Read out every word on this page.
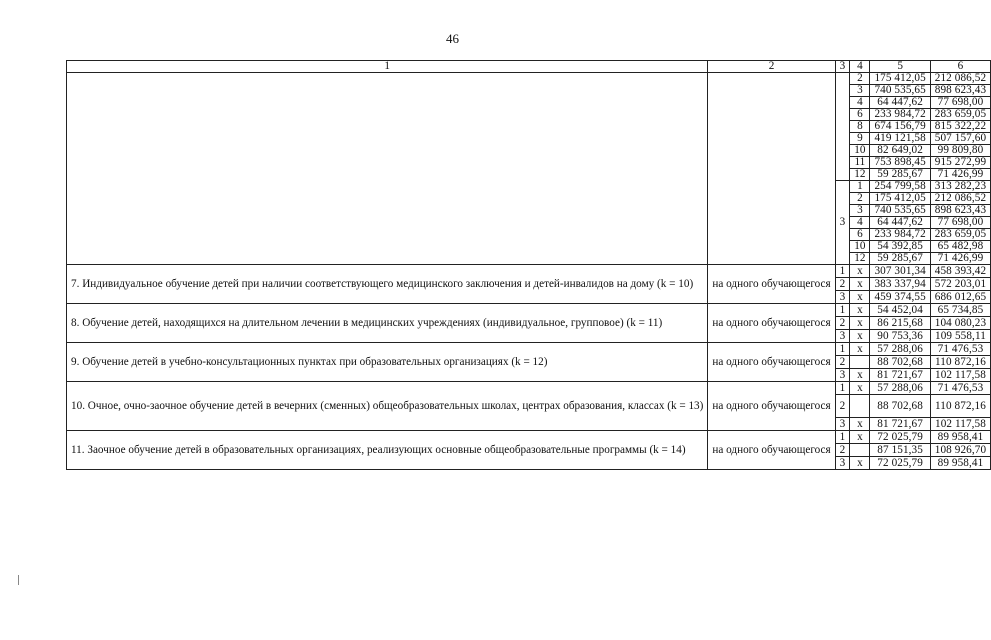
46
1	2	3	4	5	6
			2	175 412,05	212 086,52
			3	740 535,65	898 623,43
			4	64 447,62	77 698,00
			6	233 984,72	283 659,05
			8	674 156,79	815 322,22
			9	419 121,58	507 157,60
			10	82 649,02	99 809,80
			11	753 898,45	915 272,99
			12	59 285,67	71 426,99
		3	1	254 799,58	313 282,23
			2	175 412,05	212 086,52
			3	740 535,65	898 623,43
			4	64 447,62	77 698,00
			6	233 984,72	283 659,05
			10	54 392,85	65 482,98
			12	59 285,67	71 426,99
7. Индивидуальное обучение детей при наличии соответствующего медицинского заключения и детей-инвалидов на дому (k = 10)	на одного обучающегося	1	x	307 301,34	458 393,42
		2	x	383 337,94	572 203,01
		3	x	459 374,55	686 012,65
8. Обучение детей, находящихся на длительном лечении в медицинских учреждениях (индивидуальное, групповое) (k = 11)	на одного обучающегося	1	x	54 452,04	65 734,85
		2	x	86 215,68	104 080,23
		3	x	90 753,36	109 558,11
9. Обучение детей в учебно-консультационных пунктах при образовательных организациях (k = 12)	на одного обучающегося	1	x	57 288,06	71 476,53
		2		88 702,68	110 872,16
		3	x	81 721,67	102 117,58
10. Очное, очно-заочное обучение детей в вечерних (сменных) общеобразовательных школах, центрах образования, классах (k = 13)	на одного обучающегося	1	x	57 288,06	71 476,53
		2		88 702,68	110 872,16
		3	x	81 721,67	102 117,58
11. Заочное обучение детей в образовательных организациях, реализующих основные общеобразовательные программы (k = 14)	на одного обучающегося	1	x	72 025,79	89 958,41
		2		87 151,35	108 926,70
		3	x	72 025,79	89 958,41
